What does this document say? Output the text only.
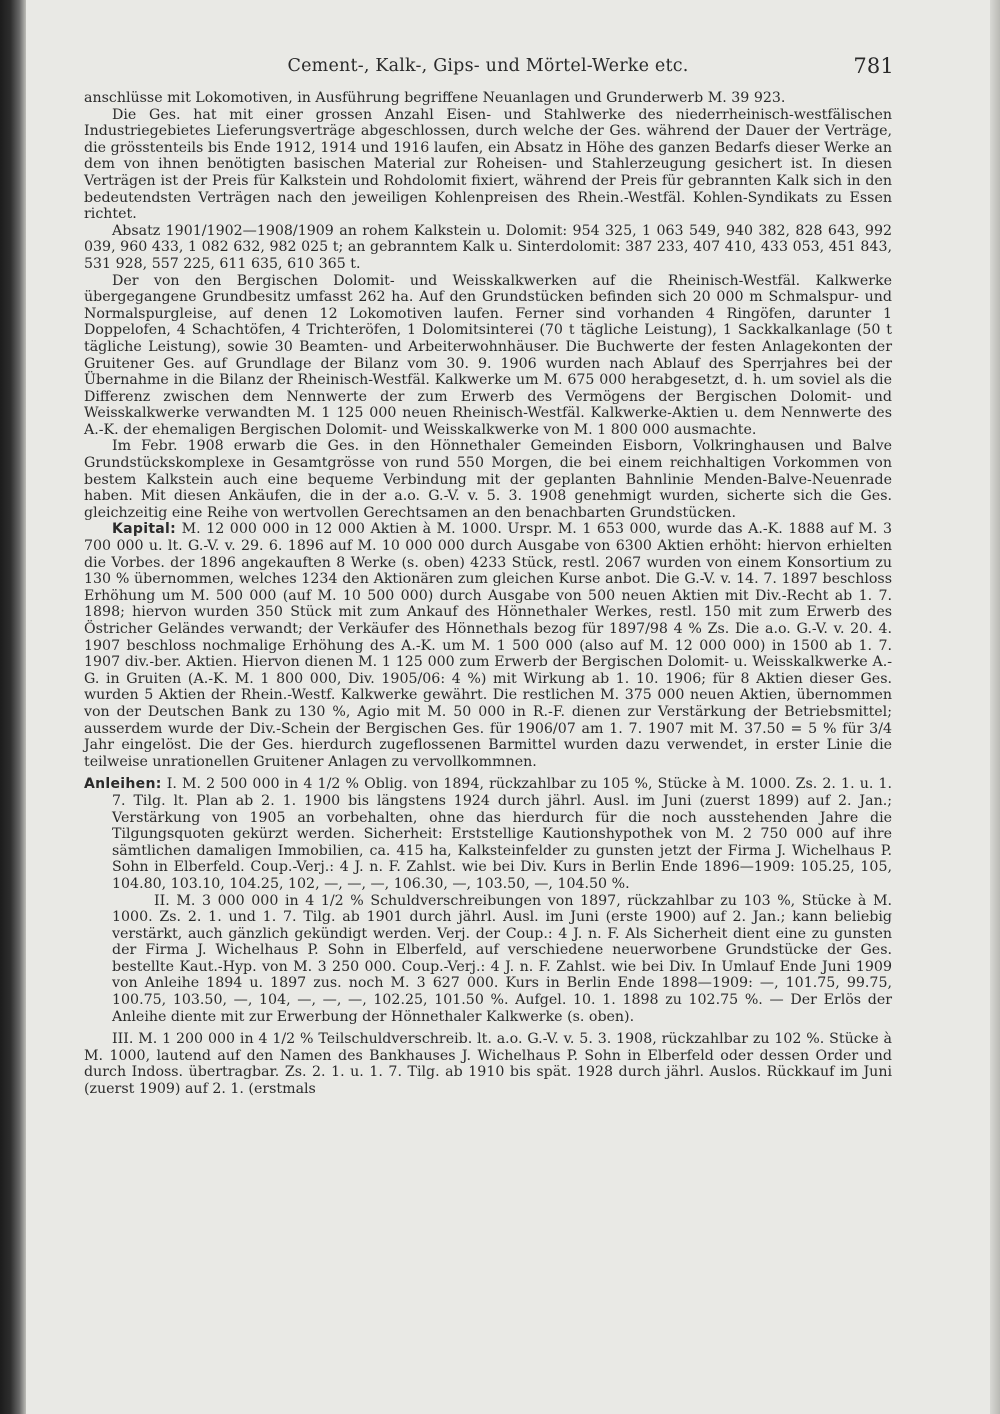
Cement-, Kalk-, Gips- und Mörtel-Werke etc.	781

anschlüsse mit Lokomotiven, in Ausführung begriffene Neuanlagen und Grunderwerb M. 39 923.

Die Ges. hat mit einer grossen Anzahl Eisen- und Stahlwerke des niederrheinisch-westfälischen Industriegebietes Lieferungsverträge abgeschlossen, durch welche der Ges. während der Dauer der Verträge, die grösstenteils bis Ende 1912, 1914 und 1916 laufen, ein Absatz in Höhe des ganzen Bedarfs dieser Werke an dem von ihnen benötigten basischen Material zur Roheisen- und Stahlerzeugung gesichert ist. In diesen Verträgen ist der Preis für Kalkstein und Rohdolomit fixiert, während der Preis für gebrannten Kalk sich in den bedeutendsten Verträgen nach den jeweiligen Kohlenpreisen des Rhein.-Westfäl. Kohlen-Syndikats zu Essen richtet.

Absatz 1901/1902—1908/1909 an rohem Kalkstein u. Dolomit: 954 325, 1 063 549, 940 382, 828 643, 992 039, 960 433, 1 082 632, 982 025 t; an gebranntem Kalk u. Sinterdolomit: 387 233, 407 410, 433 053, 451 843, 531 928, 557 225, 611 635, 610 365 t.

Der von den Bergischen Dolomit- und Weisskalkwerken auf die Rheinisch-Westfäl. Kalkwerke übergegangene Grundbesitz umfasst 262 ha. Auf den Grundstücken befinden sich 20 000 m Schmalspur- und Normalspurgleise, auf denen 12 Lokomotiven laufen. Ferner sind vorhanden 4 Ringöfen, darunter 1 Doppelofen, 4 Schachtöfen, 4 Trichteröfen, 1 Dolomitsinterei (70 t tägliche Leistung), 1 Sackkalkanlage (50 t tägliche Leistung), sowie 30 Beamten- und Arbeiterwohnhäuser. Die Buchwerte der festen Anlagekonten der Gruitener Ges. auf Grundlage der Bilanz vom 30. 9. 1906 wurden nach Ablauf des Sperrjahres bei der Übernahme in die Bilanz der Rheinisch-Westfäl. Kalkwerke um M. 675 000 herabgesetzt, d. h. um soviel als die Differenz zwischen dem Nennwerte der zum Erwerb des Vermögens der Bergischen Dolomit- und Weisskalkwerke verwandten M. 1 125 000 neuen Rheinisch-Westfäl. Kalkwerke-Aktien u. dem Nennwerte des A.-K. der ehemaligen Bergischen Dolomit- und Weisskalkwerke von M. 1 800 000 ausmachte.

Im Febr. 1908 erwarb die Ges. in den Hönnethaler Gemeinden Eisborn, Volkringhausen und Balve Grundstückskomplexe in Gesamtgrösse von rund 550 Morgen, die bei einem reichhaltigen Vorkommen von bestem Kalkstein auch eine bequeme Verbindung mit der geplanten Bahnlinie Menden-Balve-Neuenrade haben. Mit diesen Ankäufen, die in der a.o. G.-V. v. 5. 3. 1908 genehmigt wurden, sicherte sich die Ges. gleichzeitig eine Reihe von wertvollen Gerechtsamen an den benachbarten Grundstücken.

Kapital: M. 12 000 000 in 12 000 Aktien à M. 1000. Urspr. M. 1 653 000, wurde das A.-K. 1888 auf M. 3 700 000 u. lt. G.-V. v. 29. 6. 1896 auf M. 10 000 000 durch Ausgabe von 6300 Aktien erhöht: hiervon erhielten die Vorbes. der 1896 angekauften 8 Werke (s. oben) 4233 Stück, restl. 2067 wurden von einem Konsortium zu 130 % übernommen, welches 1234 den Aktionären zum gleichen Kurse anbot. Die G.-V. v. 14. 7. 1897 beschloss Erhöhung um M. 500 000 (auf M. 10 500 000) durch Ausgabe von 500 neuen Aktien mit Div.-Recht ab 1. 7. 1898; hiervon wurden 350 Stück mit zum Ankauf des Hönnethaler Werkes, restl. 150 mit zum Erwerb des Östricher Geländes verwandt; der Verkäufer des Hönnethals bezog für 1897/98 4 % Zs. Die a.o. G.-V. v. 20. 4. 1907 beschloss nochmalige Erhöhung des A.-K. um M. 1 500 000 (also auf M. 12 000 000) in 1500 ab 1. 7. 1907 div.-ber. Aktien. Hiervon dienen M. 1 125 000 zum Erwerb der Bergischen Dolomit- u. Weisskalkwerke A.-G. in Gruiten (A.-K. M. 1 800 000, Div. 1905/06: 4 %) mit Wirkung ab 1. 10. 1906; für 8 Aktien dieser Ges. wurden 5 Aktien der Rhein.-Westf. Kalkwerke gewährt. Die restlichen M. 375 000 neuen Aktien, übernommen von der Deutschen Bank zu 130 %, Agio mit M. 50 000 in R.-F. dienen zur Verstärkung der Betriebsmittel; ausserdem wurde der Div.-Schein der Bergischen Ges. für 1906/07 am 1. 7. 1907 mit M. 37.50 = 5 % für 3/4 Jahr eingelöst. Die der Ges. hierdurch zugeflossenen Barmittel wurden dazu verwendet, in erster Linie die teilweise unrationellen Gruitener Anlagen zu vervollkommnen.

Anleihen: I. M. 2 500 000 in 4 1/2 % Oblig. von 1894, rückzahlbar zu 105 %, Stücke à M. 1000. Zs. 2. 1. u. 1. 7. Tilg. lt. Plan ab 2. 1. 1900 bis längstens 1924 durch jährl. Ausl. im Juni (zuerst 1899) auf 2. Jan.; Verstärkung von 1905 an vorbehalten, ohne das hierdurch für die noch ausstehenden Jahre die Tilgungsquoten gekürzt werden. Sicherheit: Erststellige Kautionshypothek von M. 2 750 000 auf ihre sämtlichen damaligen Immobilien, ca. 415 ha, Kalksteinfelder zu gunsten jetzt der Firma J. Wichelhaus P. Sohn in Elberfeld. Coup.-Verj.: 4 J. n. F. Zahlst. wie bei Div. Kurs in Berlin Ende 1896—1909: 105.25, 105, 104.80, 103.10, 104.25, 102, —, —, —, 106.30, —, 103.50, —, 104.50 %.

II. M. 3 000 000 in 4 1/2 % Schuldverschreibungen von 1897, rückzahlbar zu 103 %, Stücke à M. 1000. Zs. 2. 1. und 1. 7. Tilg. ab 1901 durch jährl. Ausl. im Juni (erste 1900) auf 2. Jan.; kann beliebig verstärkt, auch gänzlich gekündigt werden. Verj. der Coup.: 4 J. n. F. Als Sicherheit dient eine zu gunsten der Firma J. Wichelhaus P. Sohn in Elberfeld, auf verschiedene neuerworbene Grundstücke der Ges. bestellte Kaut.-Hyp. von M. 3 250 000. Coup.-Verj.: 4 J. n. F. Zahlst. wie bei Div. In Umlauf Ende Juni 1909 von Anleihe 1894 u. 1897 zus. noch M. 3 627 000. Kurs in Berlin Ende 1898—1909: —, 101.75, 99.75, 100.75, 103.50, —, 104, —, —, —, 102.25, 101.50 %. Aufgel. 10. 1. 1898 zu 102.75 %. — Der Erlös der Anleihe diente mit zur Erwerbung der Hönnethaler Kalkwerke (s. oben).

III. M. 1 200 000 in 4 1/2 % Teilschuldverschreib. lt. a.o. G.-V. v. 5. 3. 1908, rückzahlbar zu 102 %. Stücke à M. 1000, lautend auf den Namen des Bankhauses J. Wichelhaus P. Sohn in Elberfeld oder dessen Order und durch Indoss. übertragbar. Zs. 2. 1. u. 1. 7. Tilg. ab 1910 bis spät. 1928 durch jährl. Auslos. Rückkauf im Juni (zuerst 1909) auf 2. 1. (erstmals
